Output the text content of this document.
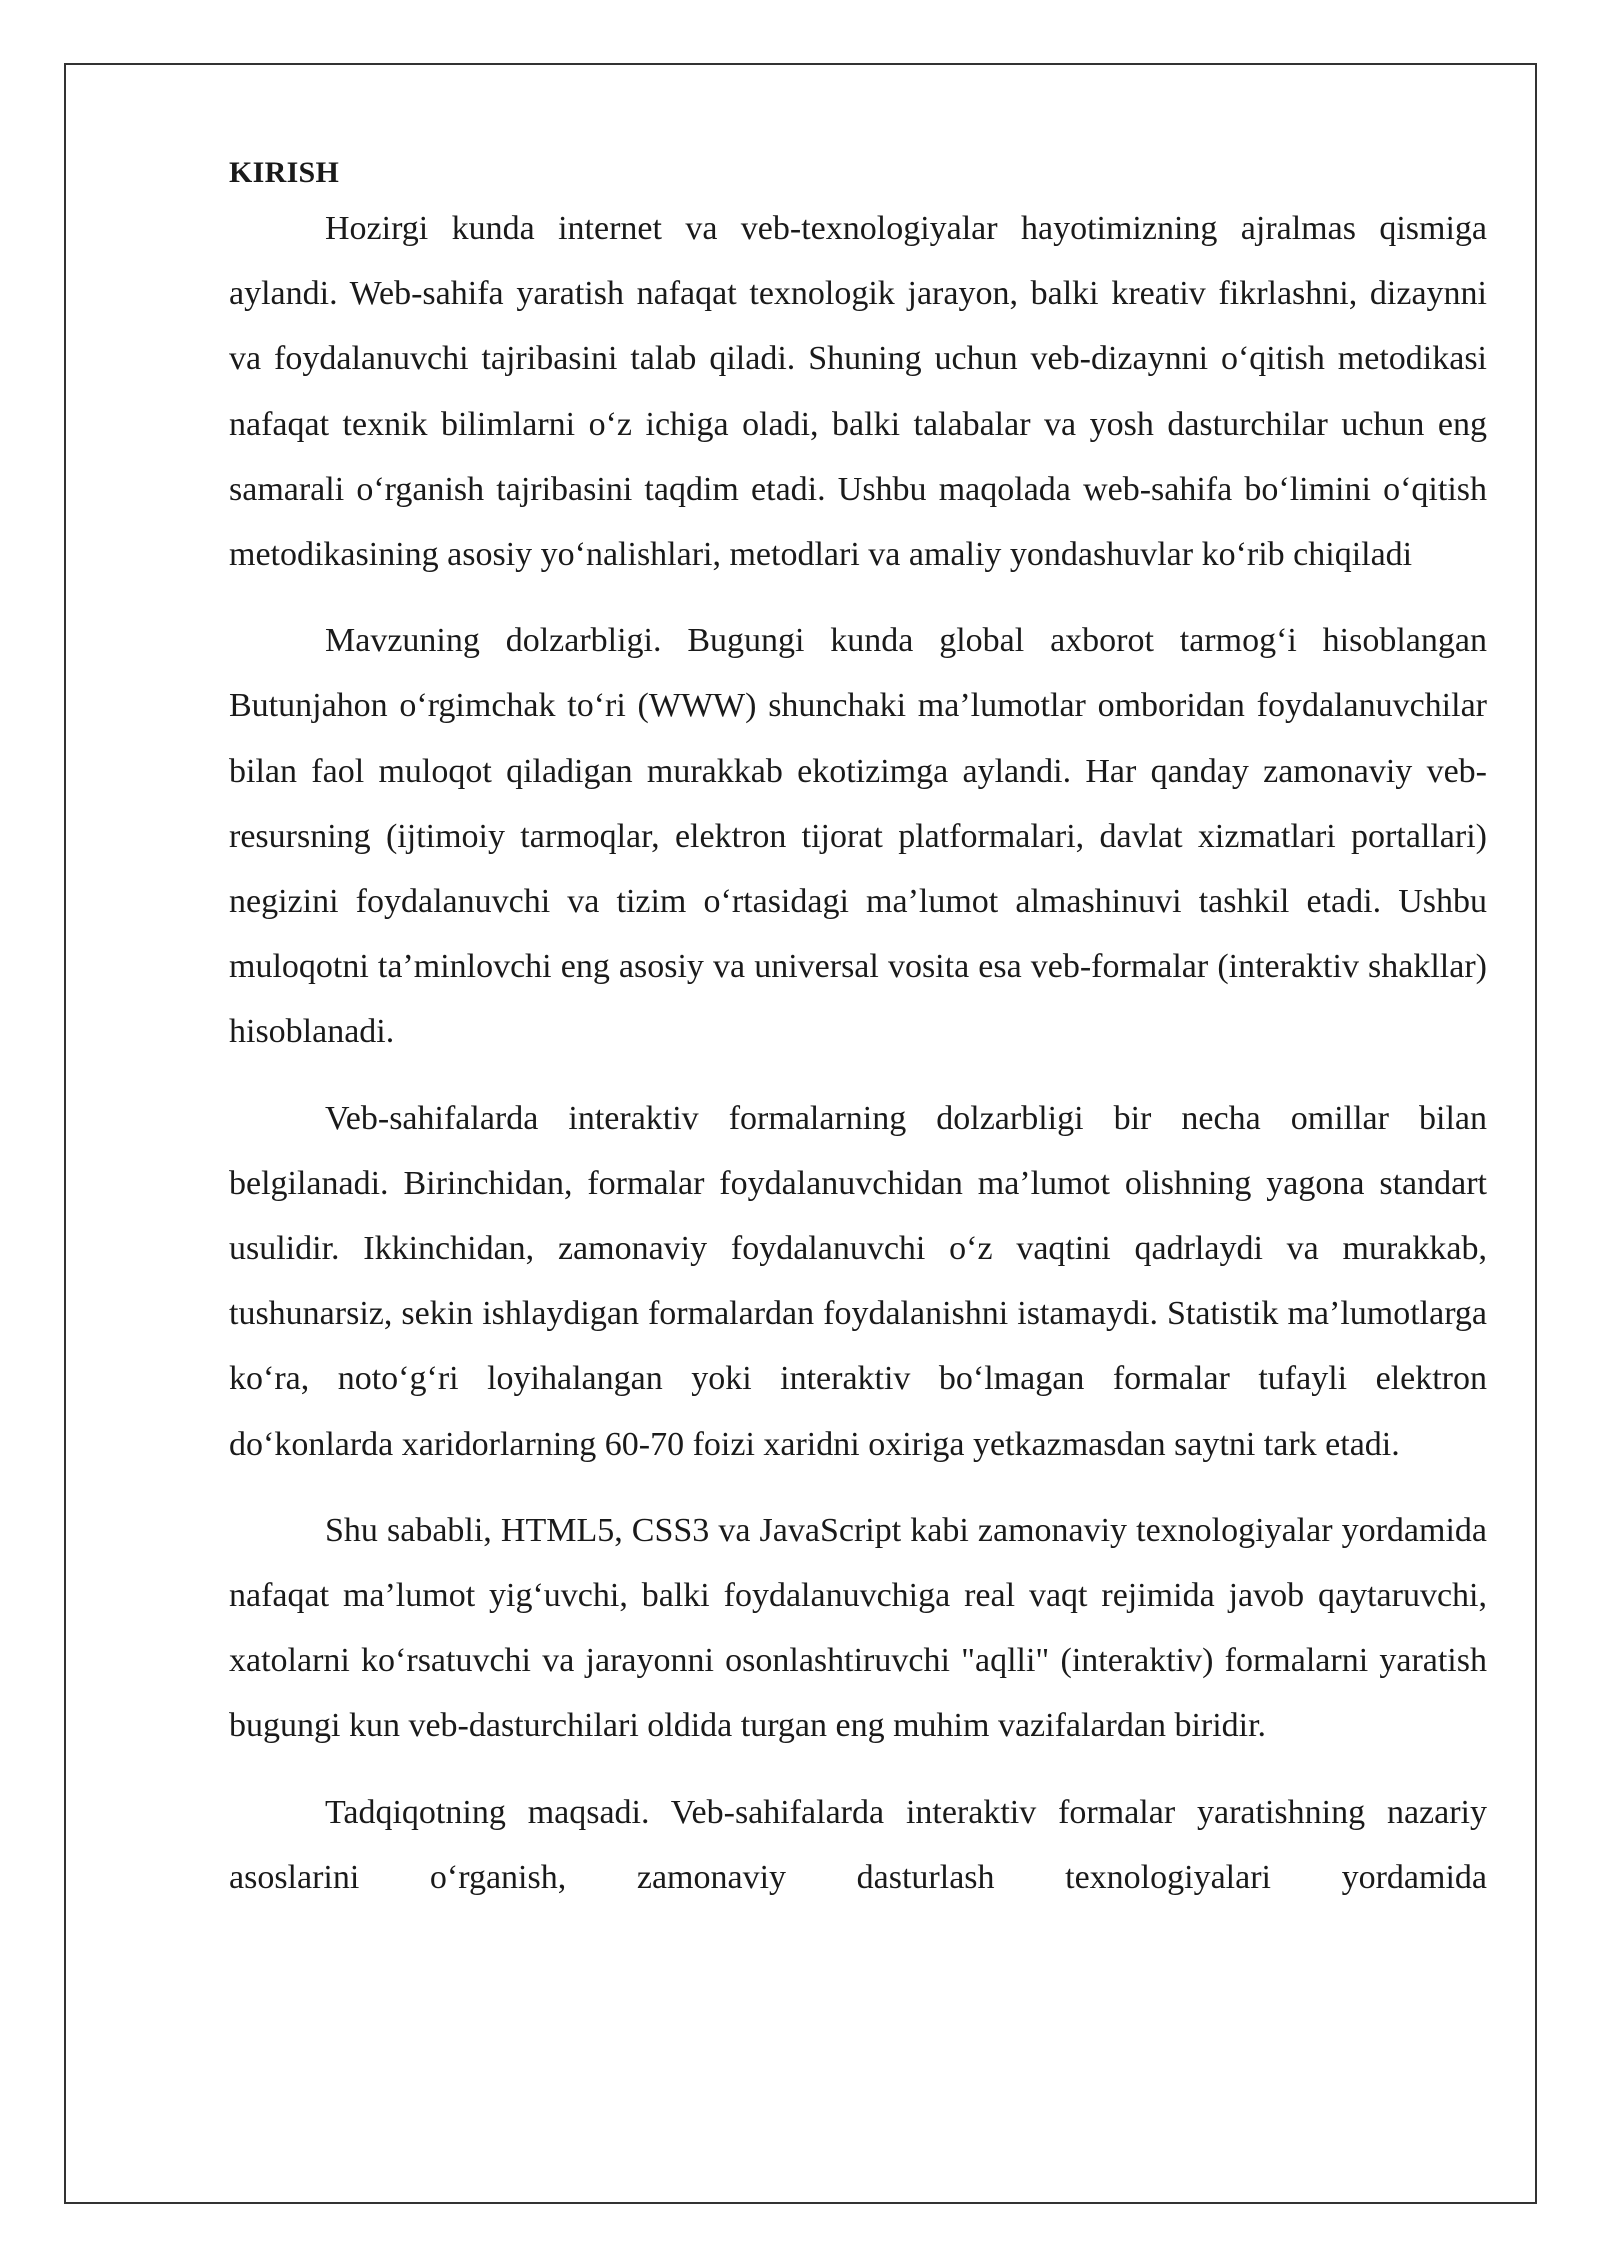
KIRISH

Hozirgi kunda internet va veb-texnologiyalar hayotimizning ajralmas qismiga aylandi. Web-sahifa yaratish nafaqat texnologik jarayon, balki kreativ fikrlashni, dizaynni va foydalanuvchi tajribasini talab qiladi. Shuning uchun veb-dizaynni o‘qitish metodikasi nafaqat texnik bilimlarni o‘z ichiga oladi, balki talabalar va yosh dasturchilar uchun eng samarali o‘rganish tajribasini taqdim etadi. Ushbu maqolada web-sahifa bo‘limini o‘qitish metodikasining asosiy yo‘nalishlari, metodlari va amaliy yondashuvlar ko‘rib chiqiladi

Mavzuning dolzarbligi. Bugungi kunda global axborot tarmog‘i hisoblangan Butunjahon o‘rgimchak to‘ri (WWW) shunchaki ma’lumotlar omboridan foydalanuvchilar bilan faol muloqot qiladigan murakkab ekotizimga aylandi. Har qanday zamonaviy veb-resursning (ijtimoiy tarmoqlar, elektron tijorat platformalari, davlat xizmatlari portallari) negizini foydalanuvchi va tizim o‘rtasidagi ma’lumot almashinuvi tashkil etadi. Ushbu muloqotni ta’minlovchi eng asosiy va universal vosita esa veb-formalar (interaktiv shakllar) hisoblanadi.

Veb-sahifalarda interaktiv formalarning dolzarbligi bir necha omillar bilan belgilanadi. Birinchidan, formalar foydalanuvchidan ma’lumot olishning yagona standart usulidir. Ikkinchidan, zamonaviy foydalanuvchi o‘z vaqtini qadrlaydi va murakkab, tushunarsiz, sekin ishlaydigan formalardan foydalanishni istamaydi. Statistik ma’lumotlarga ko‘ra, noto‘g‘ri loyihalangan yoki interaktiv bo‘lmagan formalar tufayli elektron do‘konlarda xaridorlarning 60-70 foizi xaridni oxiriga yetkazmasdan saytni tark etadi.

Shu sababli, HTML5, CSS3 va JavaScript kabi zamonaviy texnologiyalar yordamida nafaqat ma’lumot yig‘uvchi, balki foydalanuvchiga real vaqt rejimida javob qaytaruvchi, xatolarni ko‘rsatuvchi va jarayonni osonlashtiruvchi "aqlli" (interaktiv) formalarni yaratish bugungi kun veb-dasturchilari oldida turgan eng muhim vazifalardan biridir.

Tadqiqotning maqsadi. Veb-sahifalarda interaktiv formalar yaratishning nazariy asoslarini o‘rganish, zamonaviy dasturlash texnologiyalari yordamida
